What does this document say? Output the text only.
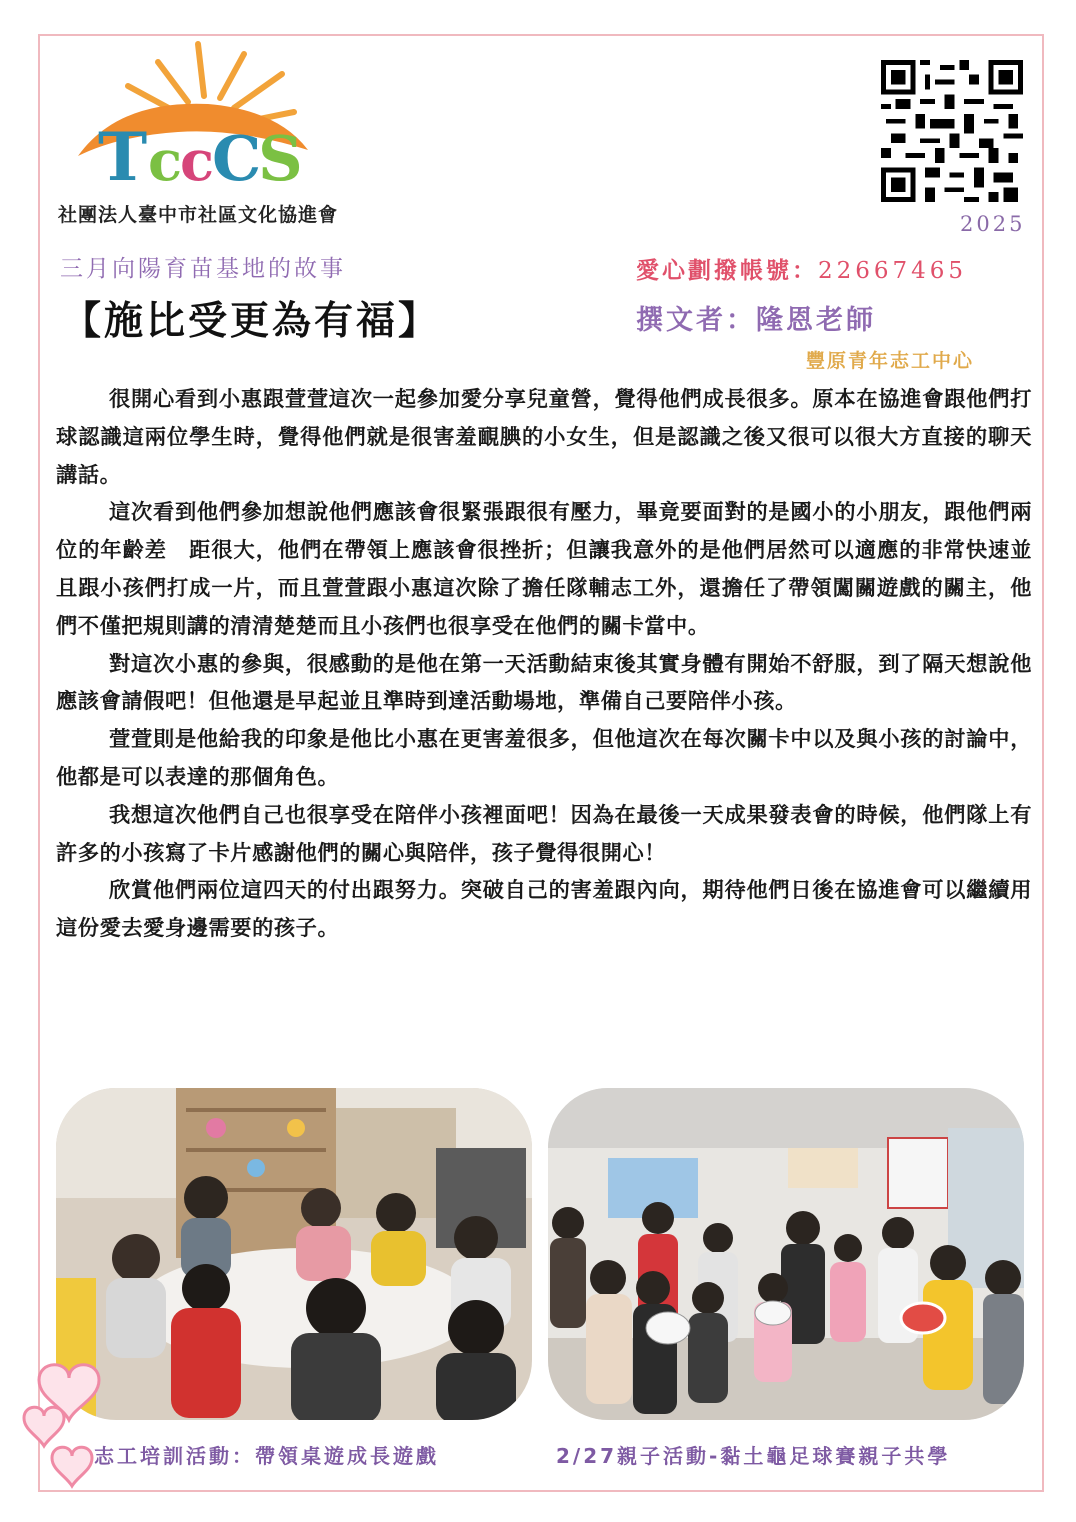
T c
c
C
S
社團法人臺中市社區文化協進會	2025
三月向陽育苗基地的故事
【施比受更為有福】
愛心劃撥帳號：22667465
撰文者：隆恩老師
豐原青年志工中心

很開心看到小惠跟萱萱這次一起參加愛分享兒童營，覺得他們成長很多。原本在協進會跟他們打球認識這兩位學生時，覺得他們就是很害羞靦腆的小女生，但是認識之後又很可以很大方直接的聊天講話。

這次看到他們參加想說他們應該會很緊張跟很有壓力，畢竟要面對的是國小的小朋友，跟他們兩位的年齡差　距很大，他們在帶領上應該會很挫折；但讓我意外的是他們居然可以適應的非常快速並且跟小孩們打成一片，而且萱萱跟小惠這次除了擔任隊輔志工外，還擔任了帶領闖關遊戲的關主，他們不僅把規則講的清清楚楚而且小孩們也很享受在他們的關卡當中。

對這次小惠的參與，很感動的是他在第一天活動結束後其實身體有開始不舒服，到了隔天想說他應該會請假吧！但他還是早起並且準時到達活動場地，準備自己要陪伴小孩。

萱萱則是他給我的印象是他比小惠在更害羞很多，但他這次在每次關卡中以及與小孩的討論中，他都是可以表達的那個角色。

我想這次他們自己也很享受在陪伴小孩裡面吧！因為在最後一天成果發表會的時候，他們隊上有許多的小孩寫了卡片感謝他們的關心與陪伴，孩子覺得很開心！

欣賞他們兩位這四天的付出跟努力。突破自己的害羞跟內向，期待他們日後在協進會可以繼續用這份愛去愛身邊需要的孩子。

志工培訓活動：帶領桌遊成長遊戲	2/27親子活動-黏土龜足球賽親子共學
